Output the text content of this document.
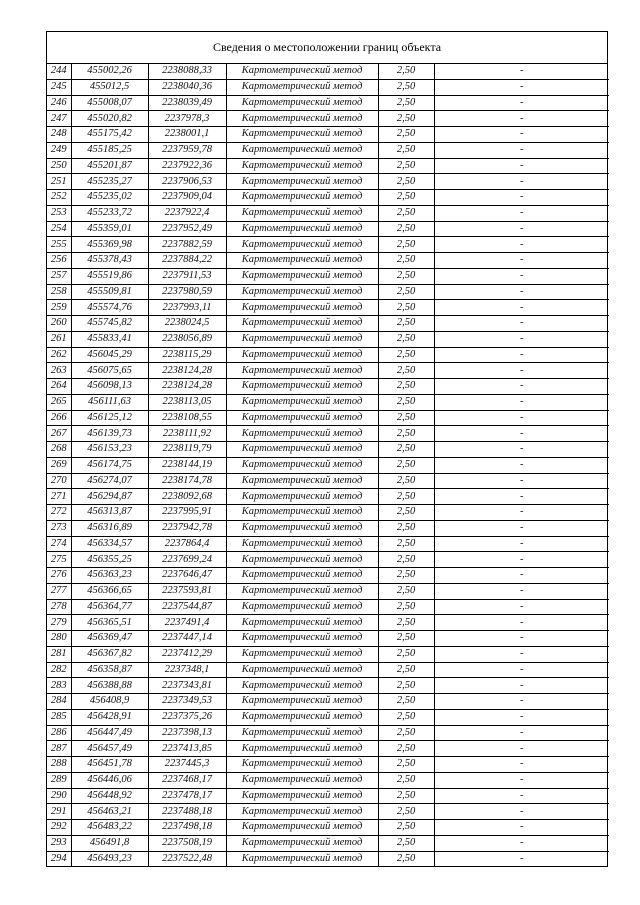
Сведения о местоположении границ объекта
244	455002,26	2238088,33	Картометрический метод	2,50	-
245	455012,5	2238040,36	Картометрический метод	2,50	-
246	455008,07	2238039,49	Картометрический метод	2,50	-
247	455020,82	2237978,3	Картометрический метод	2,50	-
248	455175,42	2238001,1	Картометрический метод	2,50	-
249	455185,25	2237959,78	Картометрический метод	2,50	-
250	455201,87	2237922,36	Картометрический метод	2,50	-
251	455235,27	2237906,53	Картометрический метод	2,50	-
252	455235,02	2237909,04	Картометрический метод	2,50	-
253	455233,72	2237922,4	Картометрический метод	2,50	-
254	455359,01	2237952,49	Картометрический метод	2,50	-
255	455369,98	2237882,59	Картометрический метод	2,50	-
256	455378,43	2237884,22	Картометрический метод	2,50	-
257	455519,86	2237911,53	Картометрический метод	2,50	-
258	455509,81	2237980,59	Картометрический метод	2,50	-
259	455574,76	2237993,11	Картометрический метод	2,50	-
260	455745,82	2238024,5	Картометрический метод	2,50	-
261	455833,41	2238056,89	Картометрический метод	2,50	-
262	456045,29	2238115,29	Картометрический метод	2,50	-
263	456075,65	2238124,28	Картометрический метод	2,50	-
264	456098,13	2238124,28	Картометрический метод	2,50	-
265	456111,63	2238113,05	Картометрический метод	2,50	-
266	456125,12	2238108,55	Картометрический метод	2,50	-
267	456139,73	2238111,92	Картометрический метод	2,50	-
268	456153,23	2238119,79	Картометрический метод	2,50	-
269	456174,75	2238144,19	Картометрический метод	2,50	-
270	456274,07	2238174,78	Картометрический метод	2,50	-
271	456294,87	2238092,68	Картометрический метод	2,50	-
272	456313,87	2237995,91	Картометрический метод	2,50	-
273	456316,89	2237942,78	Картометрический метод	2,50	-
274	456334,57	2237864,4	Картометрический метод	2,50	-
275	456355,25	2237699,24	Картометрический метод	2,50	-
276	456363,23	2237646,47	Картометрический метод	2,50	-
277	456366,65	2237593,81	Картометрический метод	2,50	-
278	456364,77	2237544,87	Картометрический метод	2,50	-
279	456365,51	2237491,4	Картометрический метод	2,50	-
280	456369,47	2237447,14	Картометрический метод	2,50	-
281	456367,82	2237412,29	Картометрический метод	2,50	-
282	456358,87	2237348,1	Картометрический метод	2,50	-
283	456388,88	2237343,81	Картометрический метод	2,50	-
284	456408,9	2237349,53	Картометрический метод	2,50	-
285	456428,91	2237375,26	Картометрический метод	2,50	-
286	456447,49	2237398,13	Картометрический метод	2,50	-
287	456457,49	2237413,85	Картометрический метод	2,50	-
288	456451,78	2237445,3	Картометрический метод	2,50	-
289	456446,06	2237468,17	Картометрический метод	2,50	-
290	456448,92	2237478,17	Картометрический метод	2,50	-
291	456463,21	2237488,18	Картометрический метод	2,50	-
292	456483,22	2237498,18	Картометрический метод	2,50	-
293	456491,8	2237508,19	Картометрический метод	2,50	-
294	456493,23	2237522,48	Картометрический метод	2,50	-
